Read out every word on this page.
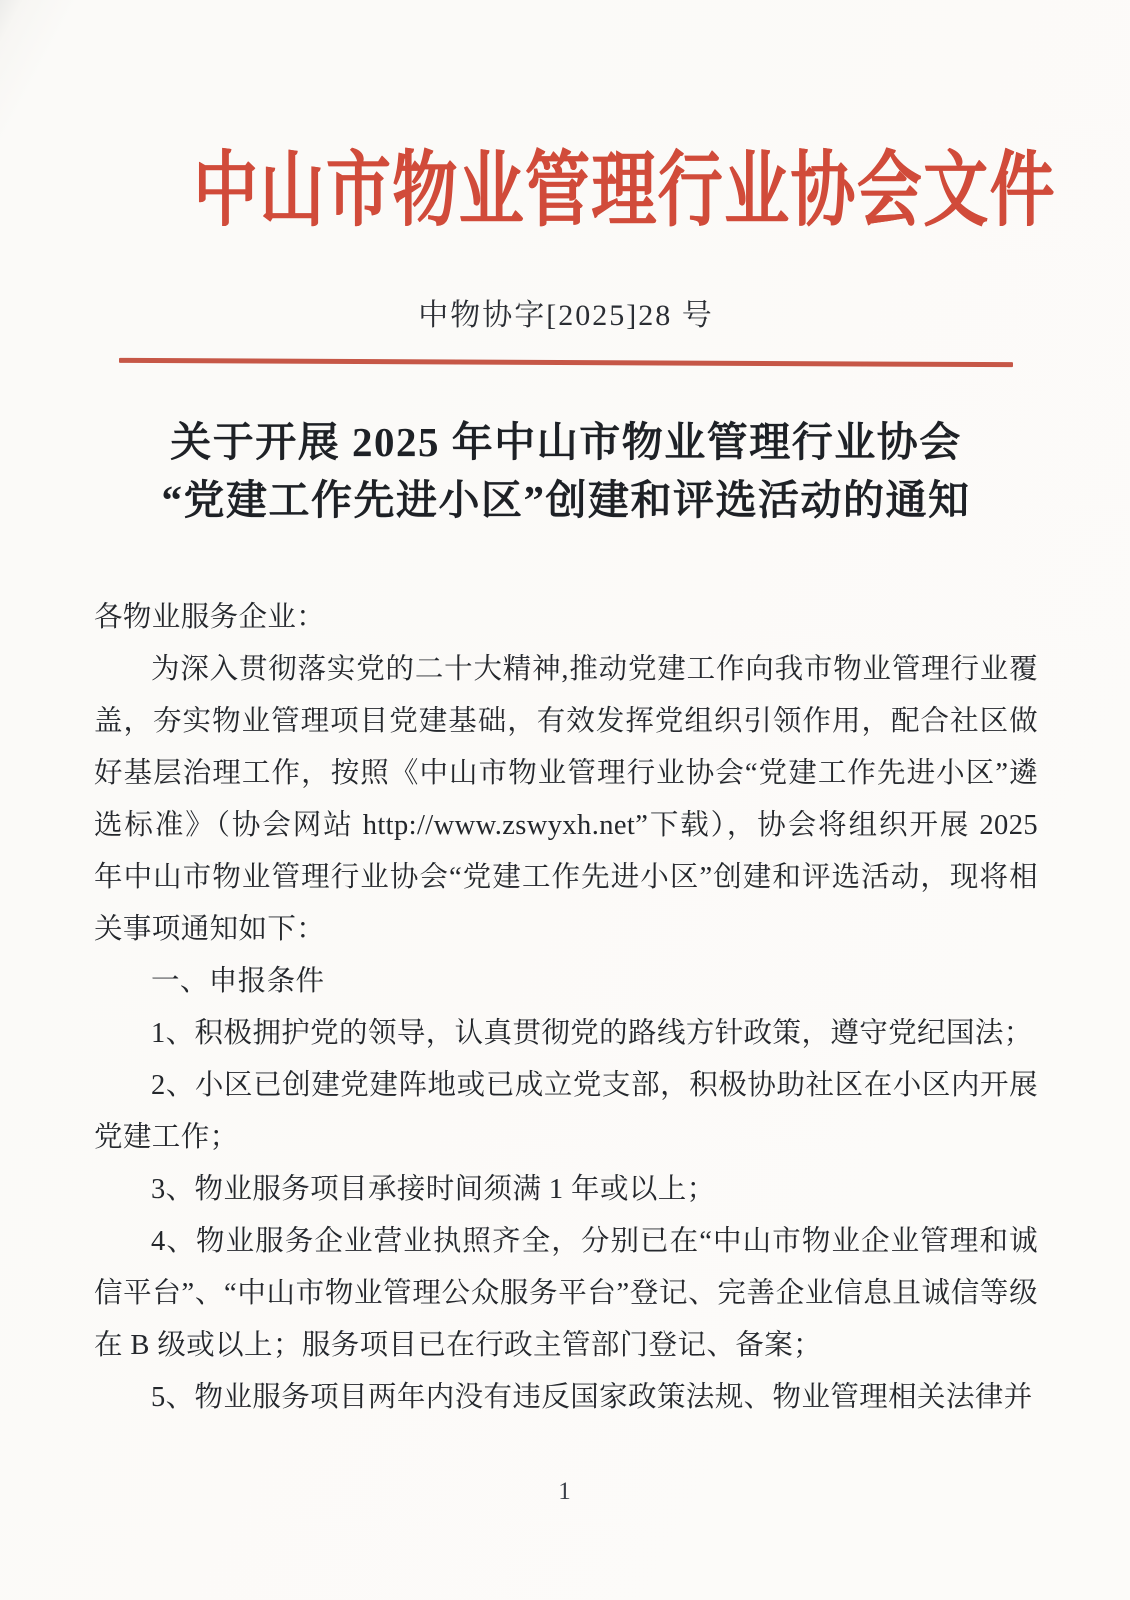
中山市物业管理行业协会文件
中物协字[2025]28 号
关于开展 2025 年中山市物业管理行业协会
“党建工作先进小区”创建和评选活动的通知

各物业服务企业：

为深入贯彻落实党的二十大精神,推动党建工作向我市物业管理行业覆盖，夯实物业管理项目党建基础，有效发挥党组织引领作用，配合社区做好基层治理工作，按照《中山市物业管理行业协会“党建工作先进小区”遴选标准》（协会网站 http://www.zswyxh.net”下载），协会将组织开展 2025 年中山市物业管理行业协会“党建工作先进小区”创建和评选活动，现将相关事项通知如下：

一、申报条件

1、积极拥护党的领导，认真贯彻党的路线方针政策，遵守党纪国法；

2、小区已创建党建阵地或已成立党支部，积极协助社区在小区内开展党建工作；

3、物业服务项目承接时间须满 1 年或以上；

4、物业服务企业营业执照齐全，分别已在“中山市物业企业管理和诚信平台”、“中山市物业管理公众服务平台”登记、完善企业信息且诚信等级在 B 级或以上；服务项目已在行政主管部门登记、备案；

5、物业服务项目两年内没有违反国家政策法规、物业管理相关法律并

1
